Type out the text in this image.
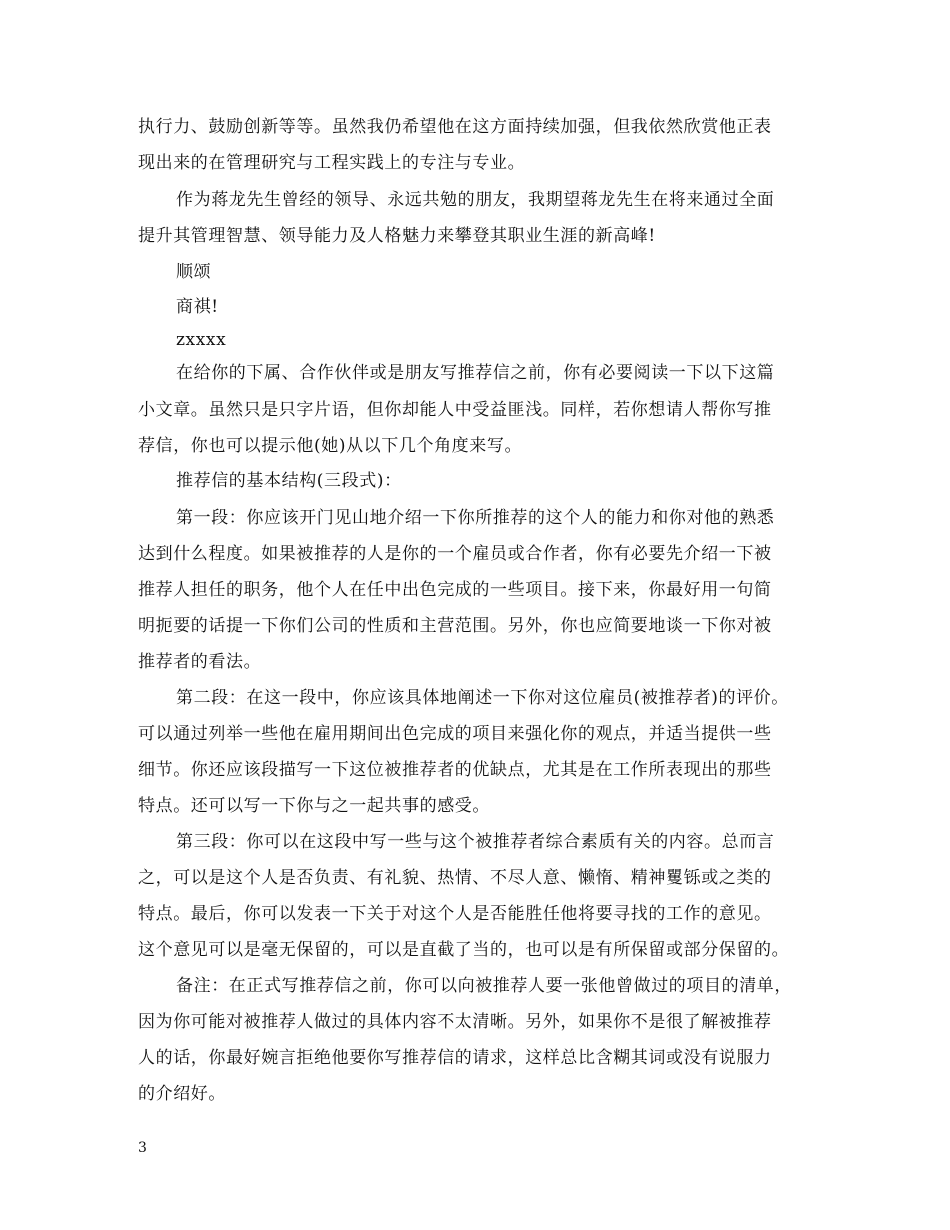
执行力、鼓励创新等等。虽然我仍希望他在这方面持续加强，但我依然欣赏他正表
现出来的在管理研究与工程实践上的专注与专业。
作为蒋龙先生曾经的领导、永远共勉的朋友，我期望蒋龙先生在将来通过全面
提升其管理智慧、领导能力及人格魅力来攀登其职业生涯的新高峰!
顺颂
商祺!
zxxxx
在给你的下属、合作伙伴或是朋友写推荐信之前，你有必要阅读一下以下这篇
小文章。虽然只是只字片语，但你却能人中受益匪浅。同样，若你想请人帮你写推
荐信，你也可以提示他(她)从以下几个角度来写。
推荐信的基本结构(三段式)：
第一段：你应该开门见山地介绍一下你所推荐的这个人的能力和你对他的熟悉
达到什么程度。如果被推荐的人是你的一个雇员或合作者，你有必要先介绍一下被
推荐人担任的职务，他个人在任中出色完成的一些项目。接下来，你最好用一句简
明扼要的话提一下你们公司的性质和主营范围。另外，你也应简要地谈一下你对被
推荐者的看法。
第二段：在这一段中，你应该具体地阐述一下你对这位雇员(被推荐者)的评价。
可以通过列举一些他在雇用期间出色完成的项目来强化你的观点，并适当提供一些
细节。你还应该段描写一下这位被推荐者的优缺点，尤其是在工作所表现出的那些
特点。还可以写一下你与之一起共事的感受。
第三段：你可以在这段中写一些与这个被推荐者综合素质有关的内容。总而言
之，可以是这个人是否负责、有礼貌、热情、不尽人意、懒惰、精神矍铄或之类的
特点。最后，你可以发表一下关于对这个人是否能胜任他将要寻找的工作的意见。
这个意见可以是毫无保留的，可以是直截了当的，也可以是有所保留或部分保留的。
备注：在正式写推荐信之前，你可以向被推荐人要一张他曾做过的项目的清单，
因为你可能对被推荐人做过的具体内容不太清晰。另外，如果你不是很了解被推荐
人的话，你最好婉言拒绝他要你写推荐信的请求，这样总比含糊其词或没有说服力
的介绍好。
3
